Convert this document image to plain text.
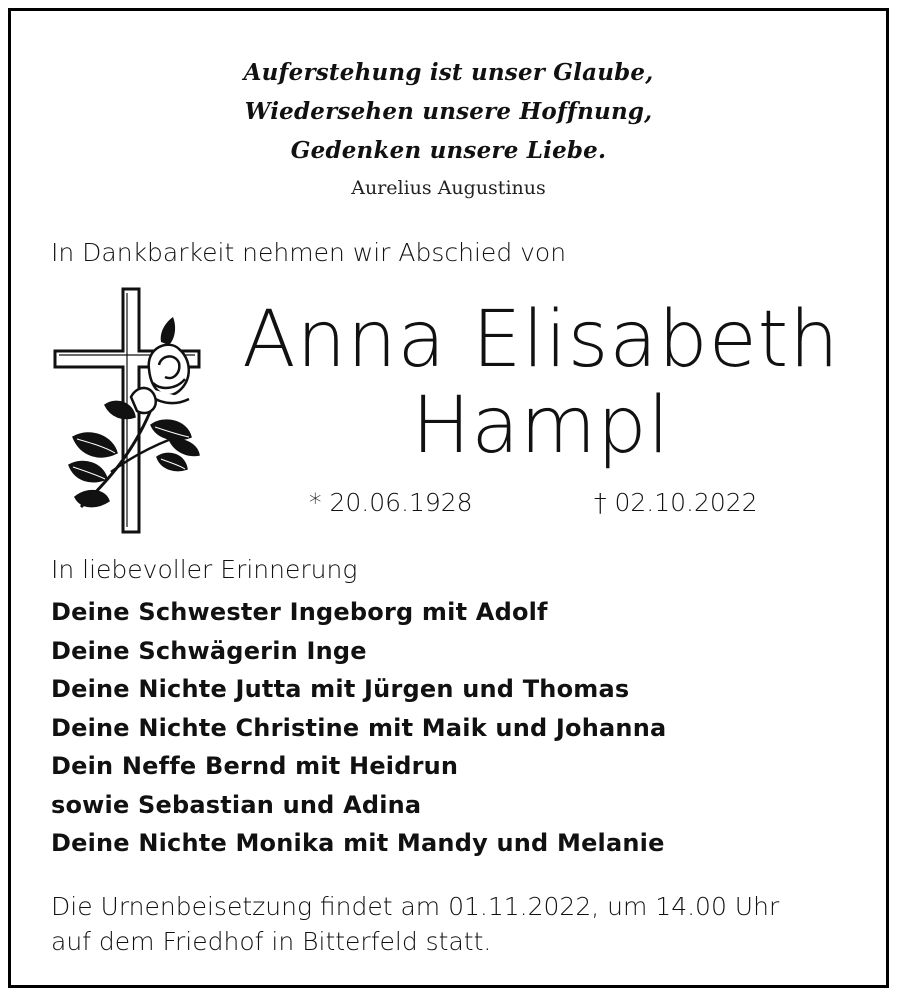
Auferstehung ist unser Glaube,
Wiedersehen unsere Hoffnung,
Gedenken unsere Liebe.
Aurelius Augustinus
In Dankbarkeit nehmen wir Abschied von
Anna Elisabeth
Hampl
* 20.06.1928	† 02.10.2022
In liebevoller Erinnerung
Deine Schwester Ingeborg mit Adolf
Deine Schwägerin Inge
Deine Nichte Jutta mit Jürgen und Thomas
Deine Nichte Christine mit Maik und Johanna
Dein Neffe Bernd mit Heidrun
sowie Sebastian und Adina
Deine Nichte Monika mit Mandy und Melanie
Die Urnenbeisetzung findet am 01.11.2022, um 14.00 Uhr
auf dem Friedhof in Bitterfeld statt.
